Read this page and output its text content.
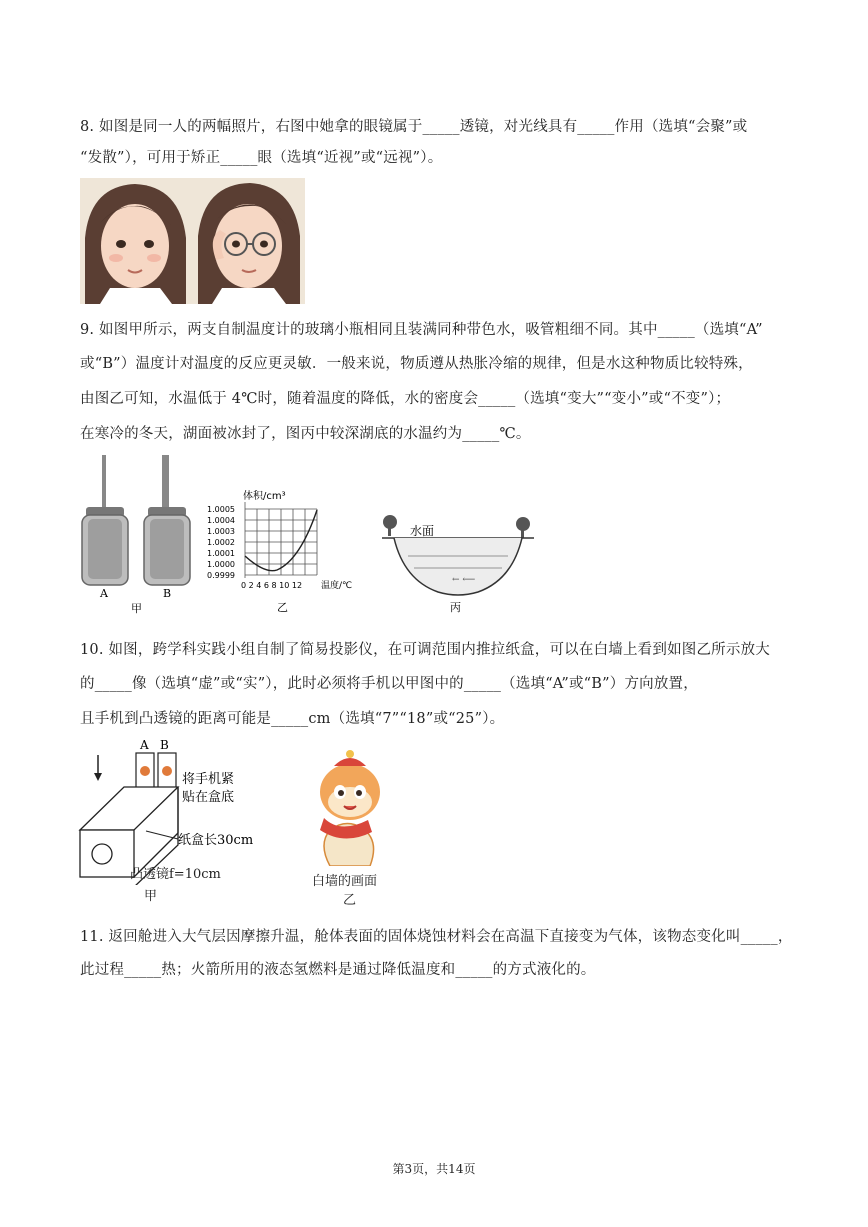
8. 如图是同一人的两幅照片，右图中她拿的眼镜属于_____透镜，对光线具有_____作用（选填“会聚”或
“发散”），可用于矫正_____眼（选填“近视”或“远视”）。
9. 如图甲所示，两支自制温度计的玻璃小瓶相同且装满同种带色水，吸管粗细不同。其中_____（选填“A”
或“B”）温度计对温度的反应更灵敏．一般来说，物质遵从热胀冷缩的规律，但是水这种物质比较特殊，
由图乙可知，水温低于 4℃时，随着温度的降低，水的密度会_____（选填“变大”“变小”或“不变”）；
在寒冷的冬天，湖面被冰封了，图丙中较深湖底的水温约为_____℃。
A	B
甲
体积/cm³
1.0005
1.0004
1.0003
1.0002
1.0001
1.0000
0.9999
0 2 4 6 8 10 12 温度/℃
乙
水面
← ⟵
丙
10. 如图，跨学科实践小组自制了简易投影仪，在可调范围内推拉纸盒，可以在白墙上看到如图乙所示放大
的_____像（选填“虚”或“实”），此时必须将手机以甲图中的_____（选填“A”或“B”）方向放置，
且手机到凸透镜的距离可能是_____cm（选填“7”“18”或“25”）。
A B
将手机紧
贴在盒底
纸盒长30cm
凸透镜f=10cm
甲
白墙的画面
乙
11. 返回舱进入大气层因摩擦升温，舱体表面的固体烧蚀材料会在高温下直接变为气体，该物态变化叫_____，
此过程_____热；火箭所用的液态氢燃料是通过降低温度和_____的方式液化的。
第3页，共14页
